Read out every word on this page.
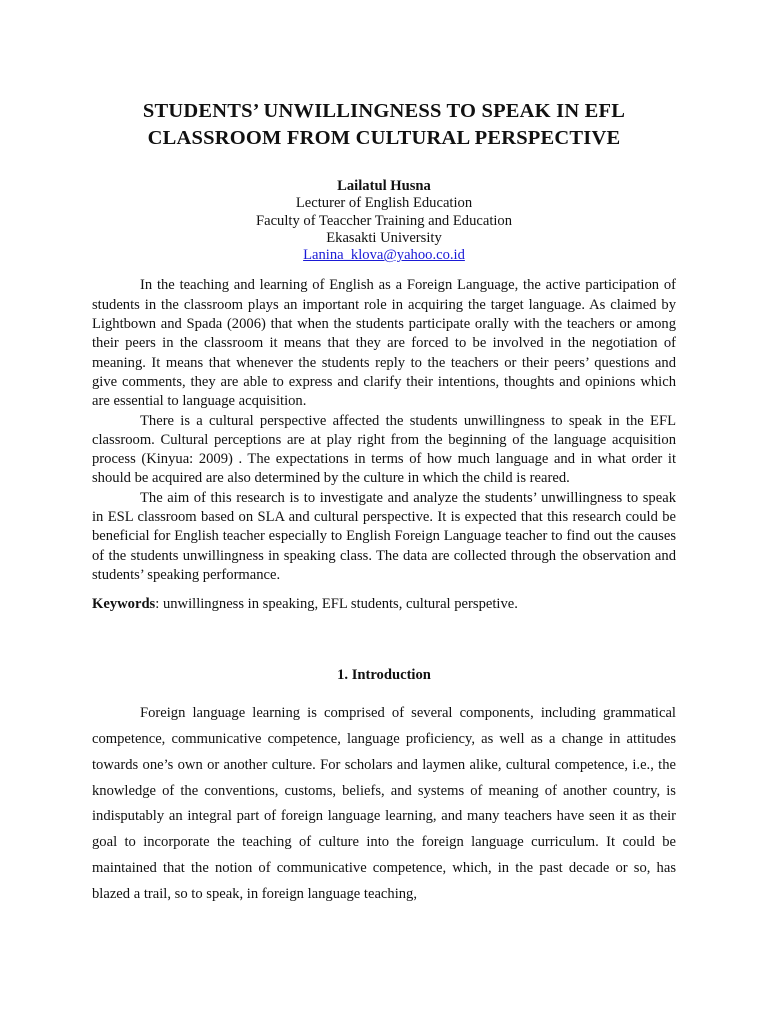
STUDENTS’ UNWILLINGNESS TO SPEAK IN EFL
CLASSROOM FROM CULTURAL PERSPECTIVE
Lailatul Husna
Lecturer of English Education
Faculty of Teaccher Training and Education
Ekasakti University
Lanina_klova@yahoo.co.id

In the teaching and learning of English as a Foreign Language, the active participation of students in the classroom plays an important role in acquiring the target language. As claimed by Lightbown and Spada (2006) that when the students participate orally with the teachers or among their peers in the classroom it means that they are forced to be involved in the negotiation of meaning. It means that whenever the students reply to the teachers or their peers’ questions and give comments, they are able to express and clarify their intentions, thoughts and opinions which are essential to language acquisition.

There is a cultural perspective affected the students unwillingness to speak in the EFL classroom. Cultural perceptions are at play right from the beginning of the language acquisition process (Kinyua: 2009) . The expectations in terms of how much language and in what order it should be acquired are also determined by the culture in which the child is reared.

The aim of this research is to investigate and analyze the students’ unwillingness to speak in ESL classroom based on SLA and cultural perspective. It is expected that this research could be beneficial for English teacher especially to English Foreign Language teacher to find out the causes of the students unwillingness in speaking class. The data are collected through the observation and students’ speaking performance.

Keywords: unwillingness in speaking, EFL students, cultural perspetive.
1. Introduction

Foreign language learning is comprised of several components, including grammatical competence, communicative competence, language proficiency, as well as a change in attitudes towards one’s own or another culture. For scholars and laymen alike, cultural competence, i.e., the knowledge of the conventions, customs, beliefs, and systems of meaning of another country, is indisputably an integral part of foreign language learning, and many teachers have seen it as their goal to incorporate the teaching of culture into the foreign language curriculum. It could be maintained that the notion of communicative competence, which, in the past decade or so, has blazed a trail, so to speak, in foreign language teaching,
